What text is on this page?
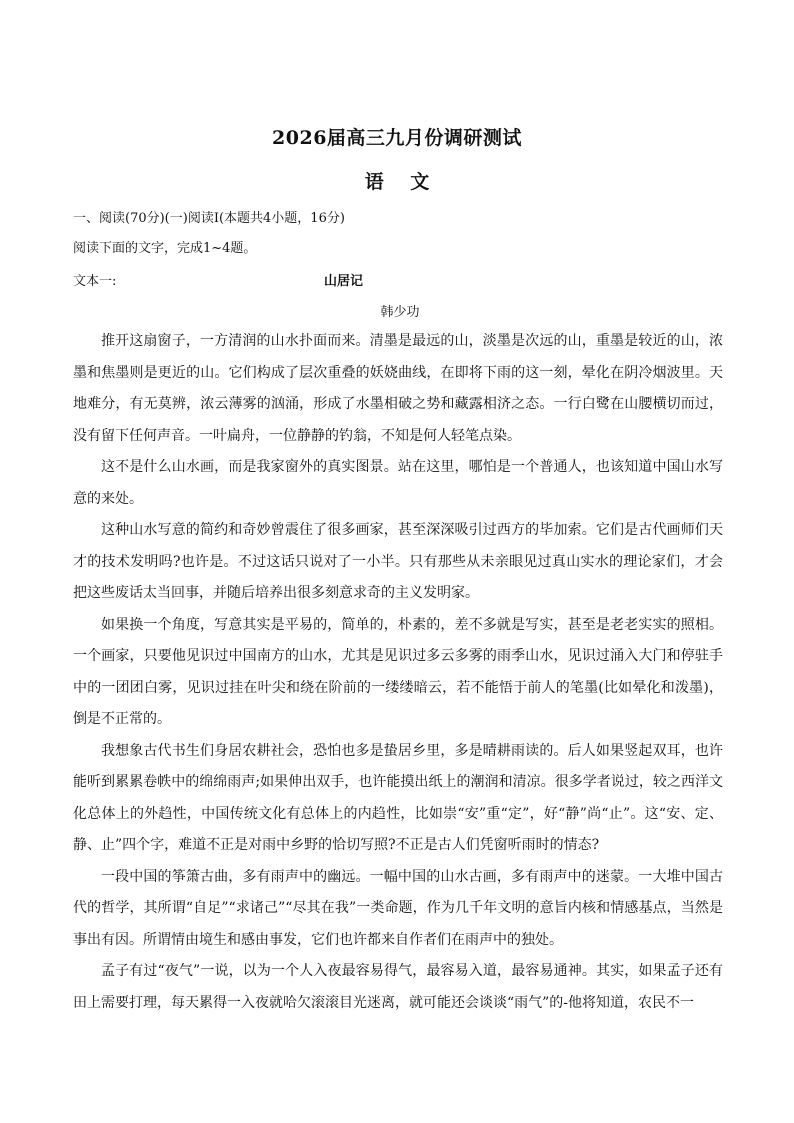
2026届高三九月份调研测试
语 文
一、阅读(70分)(一)阅读Ⅰ(本题共4小题，16分)
阅读下面的文字，完成1~4题。
文本一:	山居记
韩少功

推开这扇窗子，一方清润的山水扑面而来。清墨是最远的山，淡墨是次远的山，重墨是较近的山，浓墨和焦墨则是更近的山。它们构成了层次重叠的妖娆曲线，在即将下雨的这一刻，晕化在阴冷烟波里。天地难分，有无莫辨，浓云薄雾的汹涌，形成了水墨相破之势和藏露相济之态。一行白鹭在山腰横切而过，没有留下任何声音。一叶扁舟，一位静静的钓翁，不知是何人轻笔点染。

这不是什么山水画，而是我家窗外的真实图景。站在这里，哪怕是一个普通人，也该知道中国山水写意的来处。

这种山水写意的简约和奇妙曾震住了很多画家，甚至深深吸引过西方的毕加索。它们是古代画师们天才的技术发明吗?也许是。不过这话只说对了一小半。只有那些从未亲眼见过真山实水的理论家们，才会把这些废话太当回事，并随后培养出很多刻意求奇的主义发明家。

如果换一个角度，写意其实是平易的，简单的，朴素的，差不多就是写实，甚至是老老实实的照相。一个画家，只要他见识过中国南方的山水，尤其是见识过多云多雾的雨季山水，见识过涌入大门和停驻手中的一团团白雾，见识过挂在叶尖和绕在阶前的一缕缕暗云，若不能悟于前人的笔墨(比如晕化和泼墨)，倒是不正常的。

我想象古代书生们身居农耕社会，恐怕也多是蛰居乡里，多是晴耕雨读的。后人如果竖起双耳，也许能听到累累卷帙中的绵绵雨声;如果伸出双手，也许能摸出纸上的潮润和清凉。很多学者说过，较之西洋文化总体上的外趋性，中国传统文化有总体上的内趋性，比如崇“安”重“定”，好“静”尚“止”。这“安、定、静、止”四个字，难道不正是对雨中乡野的恰切写照?不正是古人们凭窗听雨时的情态?

一段中国的筝箫古曲，多有雨声中的幽远。一幅中国的山水古画，多有雨声中的迷蒙。一大堆中国古代的哲学，其所谓“自足”“求诸己”“尽其在我”一类命题，作为几千年文明的意旨内核和情感基点，当然是事出有因。所谓情由境生和感由事发，它们也许都来自作者们在雨声中的独处。

孟子有过“夜气”一说，以为一个人入夜最容易得气，最容易入道，最容易通神。其实，如果孟子还有田上需要打理，每天累得一入夜就哈欠滚滚目光迷离，就可能还会谈谈“雨气”的-他将知道，农民不一
